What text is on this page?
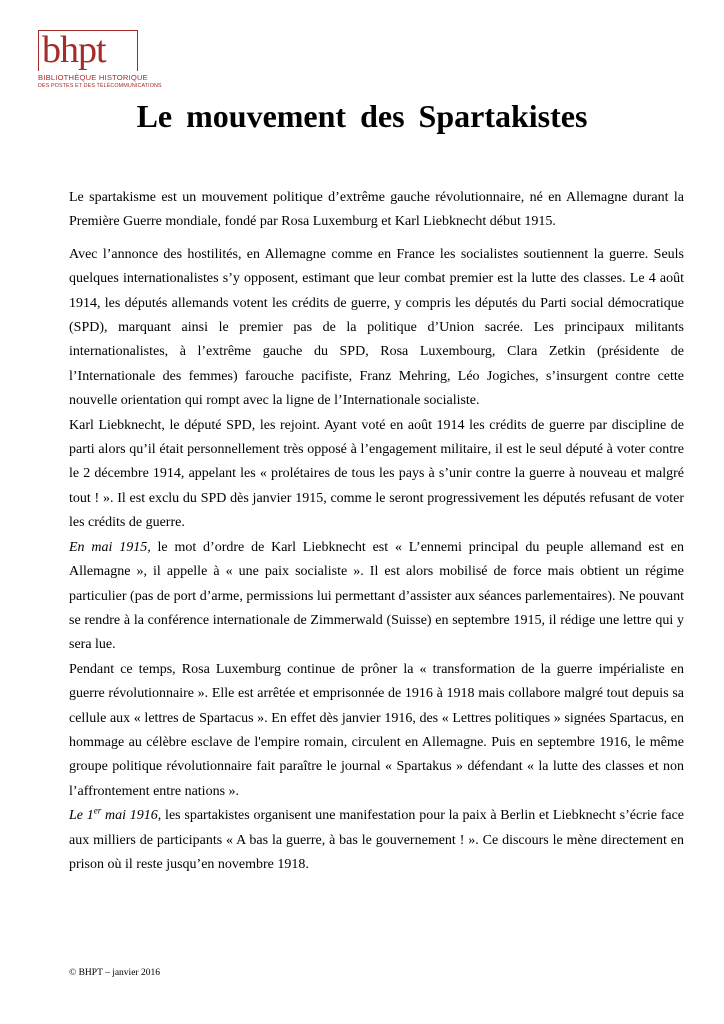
bhpt
BIBLIOTHÈQUE HISTORIQUE
DES POSTES ET DES TÉLÉCOMMUNICATIONS
Le mouvement des Spartakistes

Le spartakisme est un mouvement politique d’extrême gauche révolutionnaire, né en Allemagne durant la Première Guerre mondiale, fondé par Rosa Luxemburg et Karl Liebknecht début 1915.

Avec l’annonce des hostilités, en Allemagne comme en France les socialistes soutiennent la guerre. Seuls quelques internationalistes s’y opposent, estimant que leur combat premier est la lutte des classes. Le 4 août 1914, les députés allemands votent les crédits de guerre, y compris les députés du Parti social démocratique (SPD), marquant ainsi le premier pas de la politique d’Union sacrée. Les principaux militants internationalistes, à l’extrême gauche du SPD, Rosa Luxembourg, Clara Zetkin (présidente de l’Internationale des femmes) farouche pacifiste, Franz Mehring, Léo Jogiches, s’insurgent contre cette nouvelle orientation qui rompt avec la ligne de l’Internationale socialiste.

Karl Liebknecht, le député SPD, les rejoint. Ayant voté en août 1914 les crédits de guerre par discipline de parti alors qu’il était personnellement très opposé à l’engagement militaire, il est le seul député à voter contre le 2 décembre 1914, appelant les « prolétaires de tous les pays à s’unir contre la guerre à nouveau et malgré tout ! ». Il est exclu du SPD dès janvier 1915, comme le seront progressivement les députés refusant de voter les crédits de guerre.

En mai 1915, le mot d’ordre de Karl Liebknecht est « L’ennemi principal du peuple allemand est en Allemagne », il appelle à « une paix socialiste ». Il est alors mobilisé de force mais obtient un régime particulier (pas de port d’arme, permissions lui permettant d’assister aux séances parlementaires). Ne pouvant se rendre à la conférence internationale de Zimmerwald (Suisse) en septembre 1915, il rédige une lettre qui y sera lue.

Pendant ce temps, Rosa Luxemburg continue de prôner la « transformation de la guerre impérialiste en guerre révolutionnaire ». Elle est arrêtée et emprisonnée de 1916 à 1918 mais collabore malgré tout depuis sa cellule aux « lettres de Spartacus ». En effet dès janvier 1916, des « Lettres politiques » signées Spartacus, en hommage au célèbre esclave de l'empire romain, circulent en Allemagne. Puis en septembre 1916, le même groupe politique révolutionnaire fait paraître le journal « Spartakus » défendant « la lutte des classes et non l’affrontement entre nations ».

Le 1er mai 1916, les spartakistes organisent une manifestation pour la paix à Berlin et Liebknecht s’écrie face aux milliers de participants « A bas la guerre, à bas le gouvernement ! ». Ce discours le mène directement en prison où il reste jusqu’en novembre 1918.

© BHPT – janvier 2016
